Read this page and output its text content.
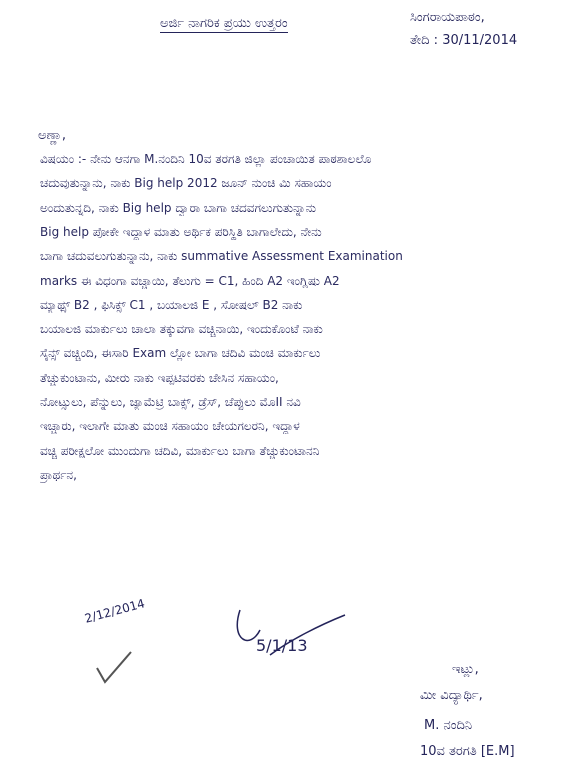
ಅರ್ಜಿ ನಾಗರಿಕ ಪ್ರಯು ಉತ್ತರಂ	ಸಿಂಗರಾಯಪಾಠಂ,
ತೇದಿ : 30/11/2014
ಅಣ್ಣಾ,
ವಿಷಯಂ :- ನೇನು ಆನಗಾ M.ನಂದಿನಿ 10ವ ತರಗತಿ ಜಿಲ್ಲಾ ಪಂಚಾಯಿತ ಪಾಠಶಾಲಲೊ
ಚದುವುತುನ್ನಾನು, ನಾಕು Big help 2012 ಜೂನ್ ನುಂಚಿ ಮಿ ಸಹಾಯಂ
ಅಂದುತುನ್ನದಿ, ನಾಕು Big help ದ್ವಾರಾ ಬಾಗಾ ಚದವಗಲುಗುತುನ್ನಾನು
Big help ಪೋಕೇ ಇದ್ದಾಳ ಮಾತು ಅರ್ಥಿಕ ಪರಿಸ್ಥಿತಿ ಬಾಗಾಲೇದು, ನೇನು
ಬಾಗಾ ಚದುವಲುಗುತುನ್ನಾನು, ನಾಕು summative Assessment Examination
marks ಈ ವಿಧಂಗಾ ವಚ್ಚಾಯಿ, ತೆಲುಗು = C1, ಹಿಂದಿ A2 ಇಂಗ್ಲಿಷು A2
ಮ್ಯಾಥ್ಸ್ B2 , ಫಿಸಿಕ್ಸ್ C1 , ಬಯಾಲಜಿ E , ಸೋಷಲ್ B2 ನಾಕು
ಬಯಾಲಜಿ ಮಾರ್ಕುಲು ಚಾಲಾ ತಕ್ಕುವಗಾ ವಚ್ಚಿನಾಯಿ, ಇಂದುಕೊಂಟೆ ನಾಕು
ಸೈನ್ಸ್ ವಚ್ಚಿಂದಿ, ಈಸಾರಿ Exam ಲ್ಲೋ ಬಾಗಾ ಚದಿವಿ ಮಂಚಿ ಮಾರ್ಕುಲು
ತೆಚ್ಚುಕುಂಟಾನು, ಮೀರು ನಾಕು ಇಪ್ಪಟಿವರಕು ಚೇಸಿನ ಸಹಾಯಂ,
ನೋಟ್ಸುಲು, ಪೆನ್ನುಲು, ಜ್ಯಾಮೆಟ್ರಿ ಬಾಕ್ಸ್, ಡ್ರೆಸ್, ಚೆಪ್ಪುಲು ಮೊII ನವಿ
ಇಚ್ಚಾರು, ಇಲಾಗೇ ಮಾತು ಮಂಚಿ ಸಹಾಯಂ ಚೇಯಗಲರನಿ, ಇದ್ದಾಳ
ವಚ್ಚಿ ಪರೀಕ್ಷಲೋ ಮುಂದುಗಾ ಚದಿವಿ, ಮಾರ್ಕುಲು ಬಾಗಾ ತೆಚ್ಚುಕುಂಟಾನನಿ
ಪ್ರಾರ್ಥನ,
2/12/2014
5/1/13
ಇಟ್ಲು,
ಮೀ ವಿದ್ಯಾರ್ಥಿ,
M. ನಂದಿನಿ
10ವ ತರಗತಿ [E.M]
